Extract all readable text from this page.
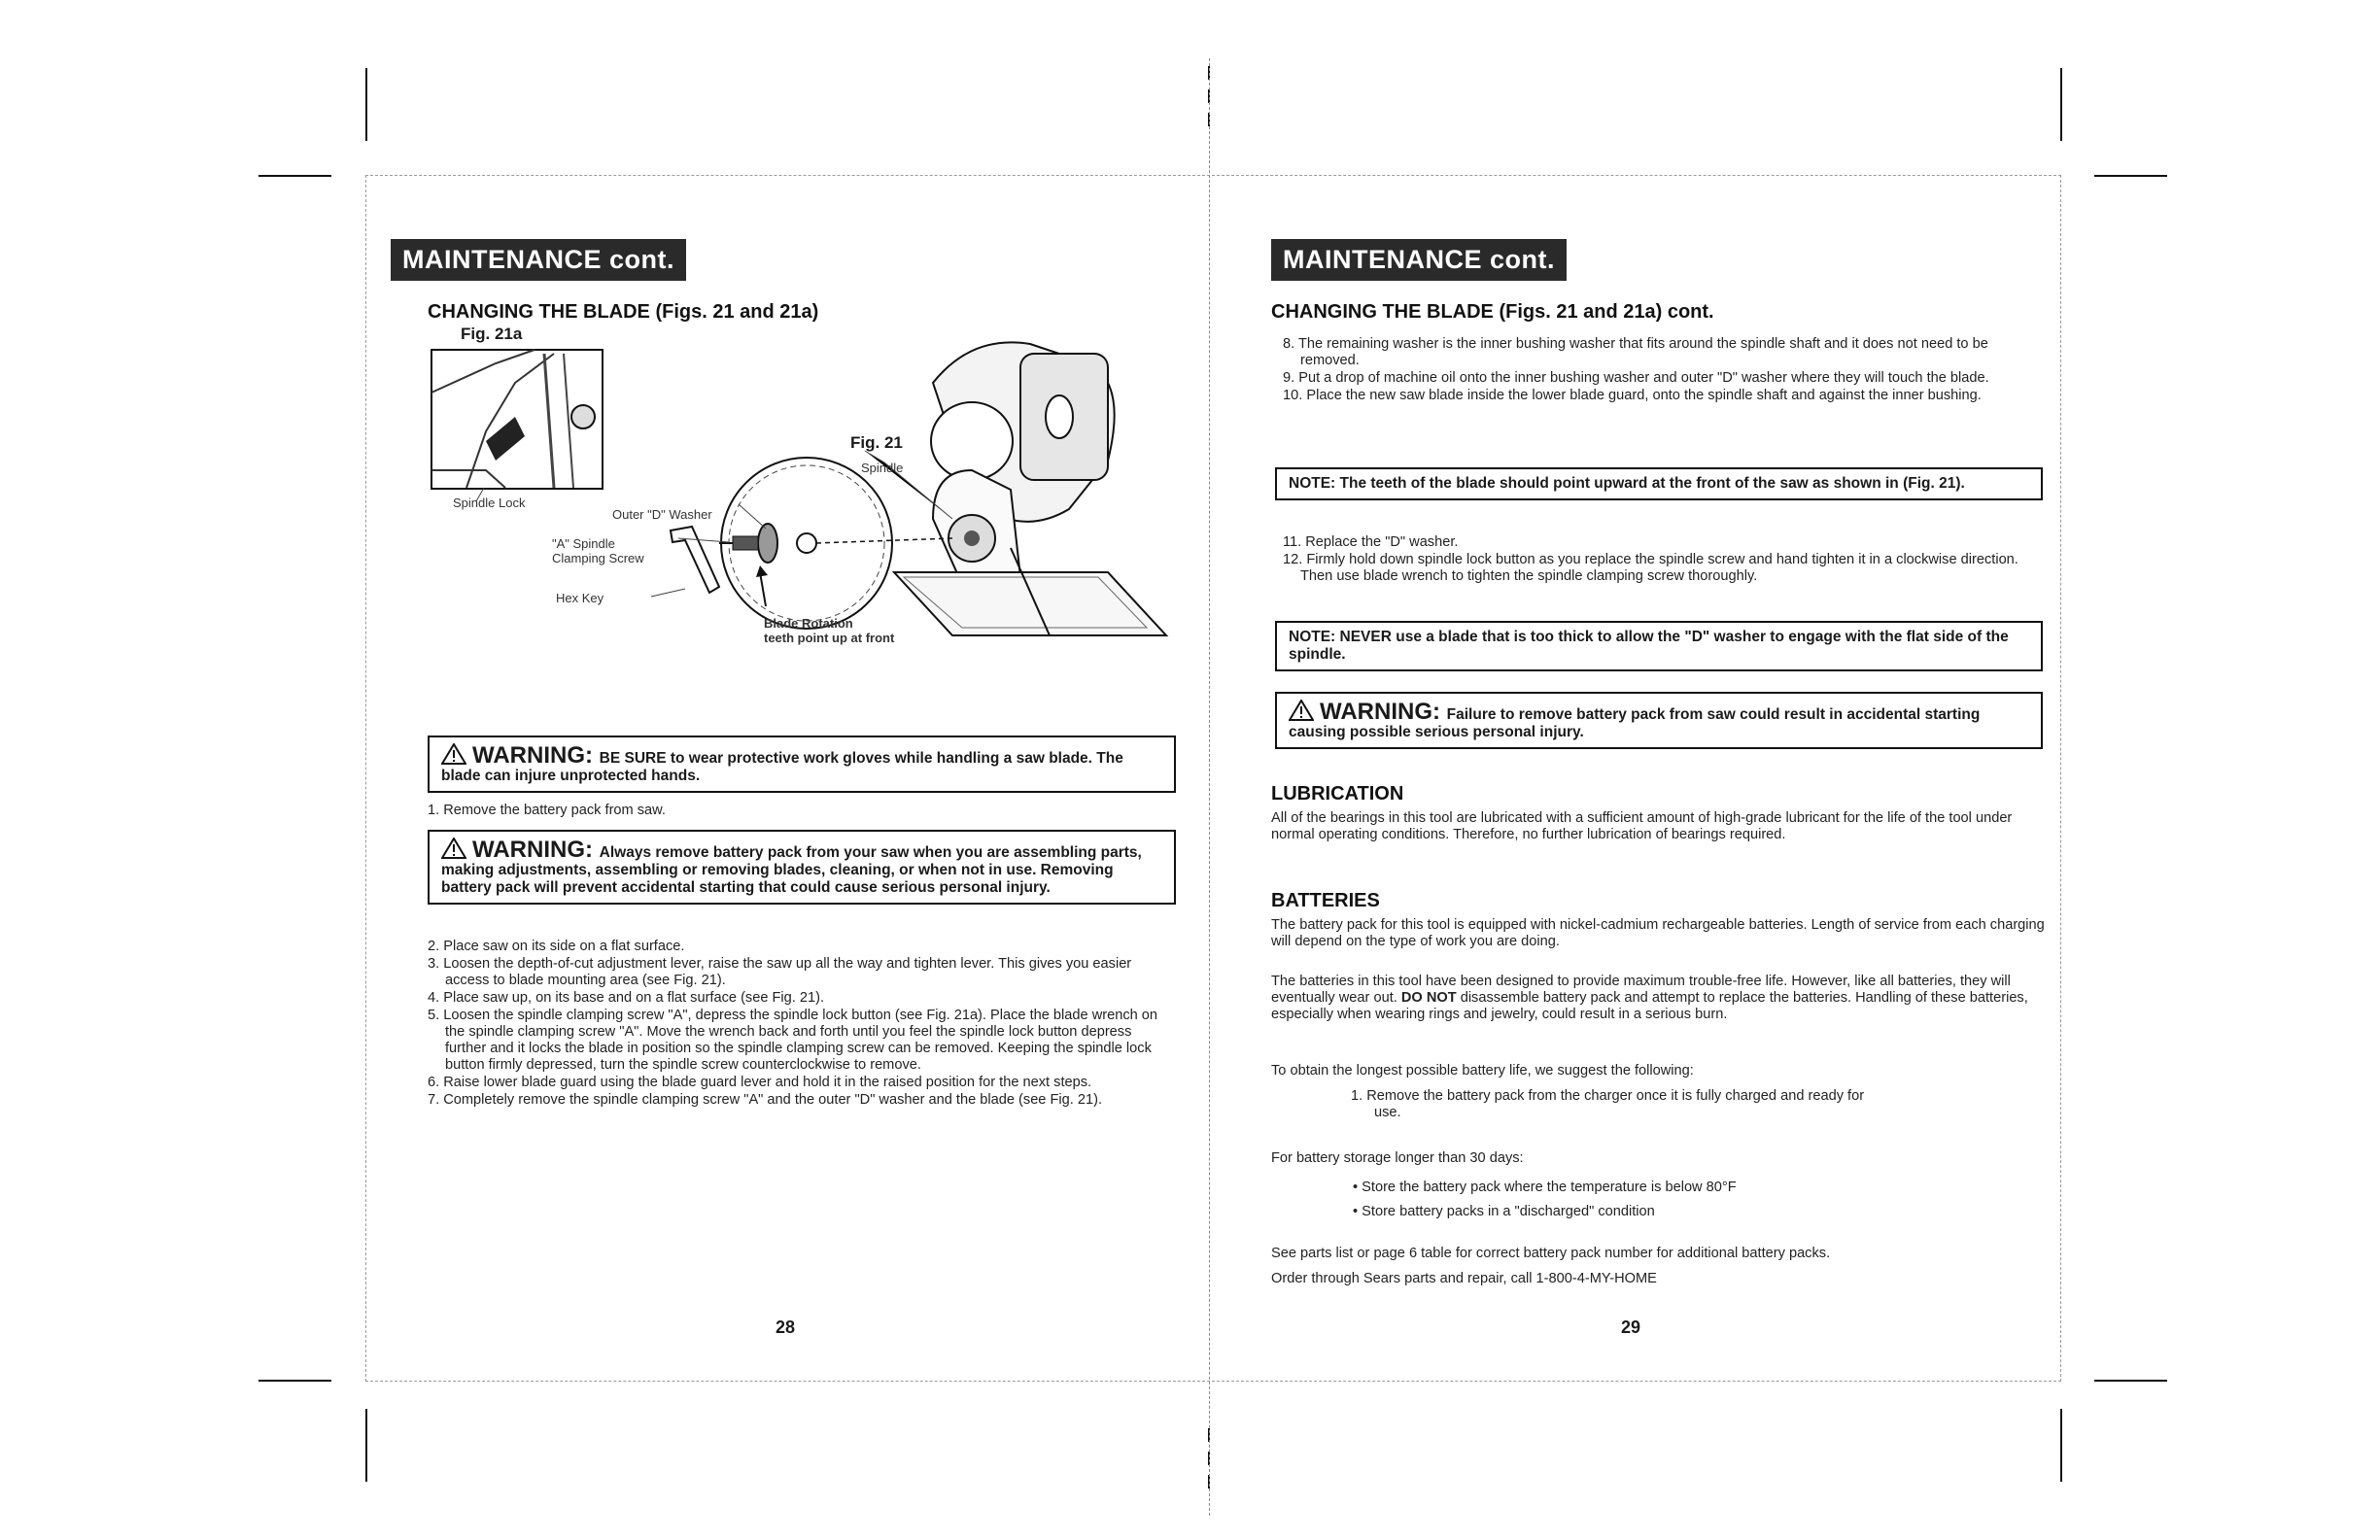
MAINTENANCE cont.
CHANGING THE BLADE (Figs. 21 and 21a)
Fig. 21a
Fig. 21
Spindle
Spindle Lock
Outer "D" Washer
"A" Spindle
Clamping Screw
Hex Key
Blade Rotation
teeth point up at front
WARNING: BE SURE to wear protective work gloves while handling a saw blade. The blade can injure unprotected hands.
1. Remove the battery pack from saw.
WARNING: Always remove battery pack from your saw when you are assembling parts, making adjustments, assembling or removing blades, cleaning, or when not in use. Removing battery pack will prevent accidental starting that could cause serious personal injury.
2. Place saw on its side on a flat surface.
3. Loosen the depth-of-cut adjustment lever, raise the saw up all the way and tighten lever. This gives you easier access to blade mounting area (see Fig. 21).
4. Place saw up, on its base and on a flat surface (see Fig. 21).
5. Loosen the spindle clamping screw "A", depress the spindle lock button (see Fig. 21a). Place the blade wrench on the spindle clamping screw "A". Move the wrench back and forth until you feel the spindle lock button depress further and it locks the blade in position so the spindle clamping screw can be removed. Keeping the spindle lock button firmly depressed, turn the spindle screw counterclockwise to remove.
6. Raise lower blade guard using the blade guard lever and hold it in the raised position for the next steps.
7. Completely remove the spindle clamping screw "A" and the outer "D" washer and the blade (see Fig. 21).
28
MAINTENANCE cont.
CHANGING THE BLADE (Figs. 21 and 21a) cont.
8. The remaining washer is the inner bushing washer that fits around the spindle shaft and it does not need to be removed.
9. Put a drop of machine oil onto the inner bushing washer and outer "D" washer where they will touch the blade.
10. Place the new saw blade inside the lower blade guard, onto the spindle shaft and against the inner bushing.
NOTE: The teeth of the blade should point upward at the front of the saw as shown in (Fig. 21).
11. Replace the "D" washer.
12. Firmly hold down spindle lock button as you replace the spindle screw and hand tighten it in a clockwise direction. Then use blade wrench to tighten the spindle clamping screw thoroughly.
NOTE: NEVER use a blade that is too thick to allow the "D" washer to engage with the flat side of the spindle.
WARNING: Failure to remove battery pack from saw could result in accidental starting causing possible serious personal injury.
LUBRICATION

All of the bearings in this tool are lubricated with a sufficient amount of high-grade lubricant for the life of the tool under normal operating conditions. Therefore, no further lubrication of bearings required.

BATTERIES

The battery pack for this tool is equipped with nickel-cadmium rechargeable batteries. Length of service from each charging will depend on the type of work you are doing.

The batteries in this tool have been designed to provide maximum trouble-free life. However, like all batteries, they will eventually wear out. DO NOT disassemble battery pack and attempt to replace the batteries. Handling of these batteries, especially when wearing rings and jewelry, could result in a serious burn.

To obtain the longest possible battery life, we suggest the following:

1. Remove the battery pack from the charger once it is fully charged and ready for use.

For battery storage longer than 30 days:

• Store the battery pack where the temperature is below 80°F
• Store battery packs in a "discharged" condition

See parts list or page 6 table for correct battery pack number for additional battery packs.

Order through Sears parts and repair, call 1-800-4-MY-HOME

29
